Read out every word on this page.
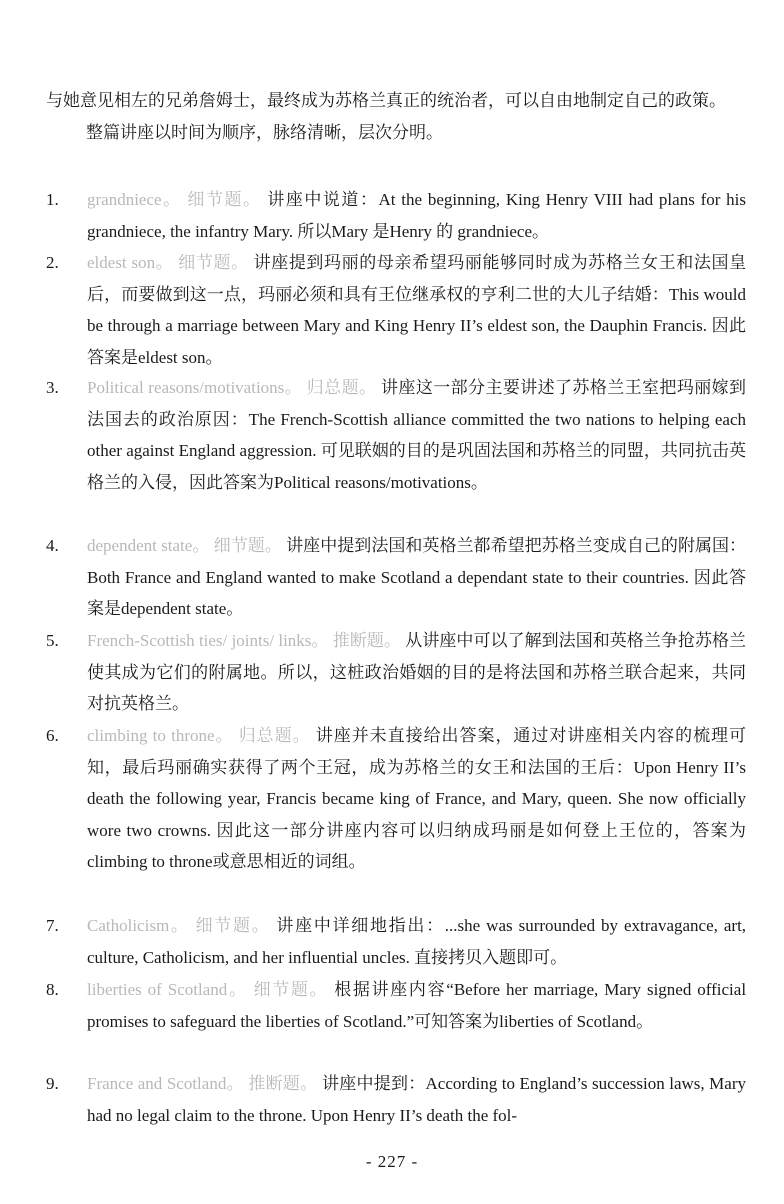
与她意见相左的兄弟詹姆士，最终成为苏格兰真正的统治者，可以自由地制定自己的政策。

整篇讲座以时间为顺序，脉络清晰，层次分明。

1.	grandniece。 细节题。 讲座中说道：At the beginning, King Henry VIII had plans for his grandniece, the infantry Mary. 所以Mary 是Henry 的 grandniece。
2.	eldest son。 细节题。 讲座提到玛丽的母亲希望玛丽能够同时成为苏格兰女王和法国皇后，而要做到这一点，玛丽必须和具有王位继承权的亨利二世的大儿子结婚：This would be through a marriage between Mary and King Henry II’s eldest son, the Dauphin Francis. 因此答案是eldest son。
3.	Political reasons/motivations。 归总题。 讲座这一部分主要讲述了苏格兰王室把玛丽嫁到法国去的政治原因：The French-Scottish alliance committed the two nations to helping each other against England aggression. 可见联姻的目的是巩固法国和苏格兰的同盟，共同抗击英格兰的入侵，因此答案为Political reasons/motivations。
4.	dependent state。 细节题。 讲座中提到法国和英格兰都希望把苏格兰变成自己的附属国：Both France and England wanted to make Scotland a dependant state to their countries. 因此答案是dependent state。
5.	French-Scottish ties/ joints/ links。 推断题。 从讲座中可以了解到法国和英格兰争抢苏格兰使其成为它们的附属地。所以，这桩政治婚姻的目的是将法国和苏格兰联合起来，共同对抗英格兰。
6.	climbing to throne。 归总题。 讲座并未直接给出答案，通过对讲座相关内容的梳理可知，最后玛丽确实获得了两个王冠，成为苏格兰的女王和法国的王后：Upon Henry II’s death the following year, Francis became king of France, and Mary, queen. She now officially wore two crowns. 因此这一部分讲座内容可以归纳成玛丽是如何登上王位的，答案为climbing to throne或意思相近的词组。
7.	Catholicism。 细节题。 讲座中详细地指出：...she was surrounded by extravagance, art, culture, Catholicism, and her influential uncles. 直接拷贝入题即可。
8.	liberties of Scotland。 细节题。 根据讲座内容“Before her marriage, Mary signed official promises to safeguard the liberties of Scotland.”可知答案为liberties of Scotland。
9.	France and Scotland。 推断题。 讲座中提到：According to England’s succession laws, Mary had no legal claim to the throne. Upon Henry II’s death the fol-
- 227 -
